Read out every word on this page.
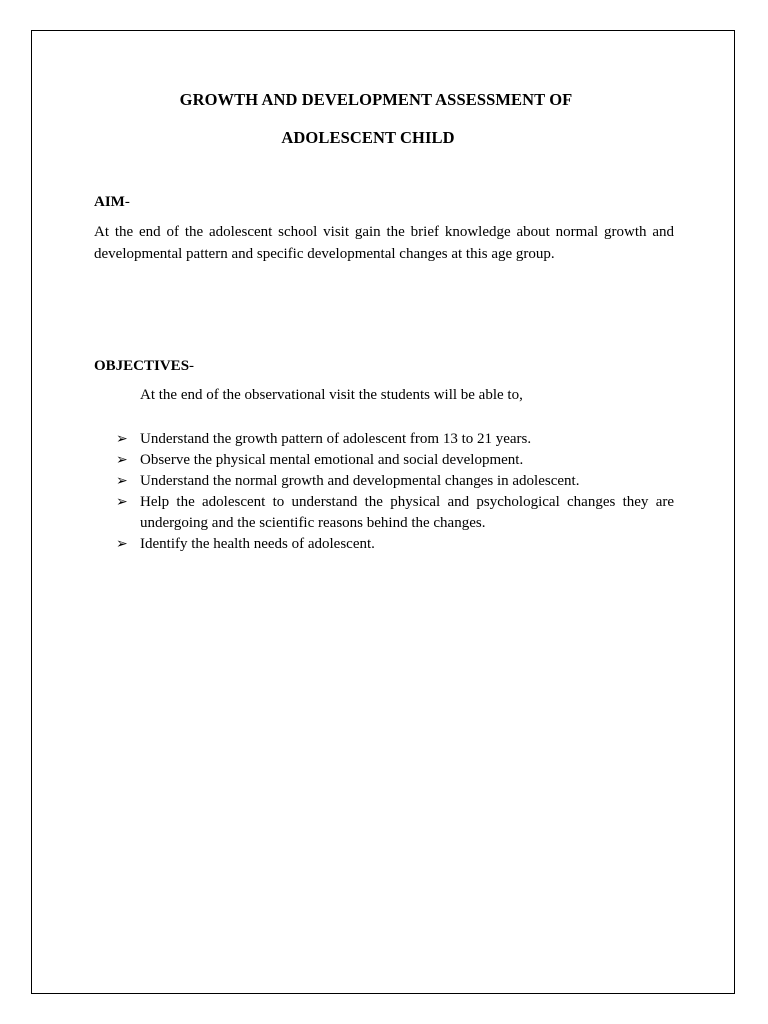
GROWTH AND DEVELOPMENT ASSESSMENT OF
ADOLESCENT CHILD
AIM-

At the end of the adolescent school visit gain the brief knowledge about normal growth and developmental pattern and specific developmental changes at this age group.

OBJECTIVES-
At the end of the observational visit the students will be able to,
➢ Understand the growth pattern of adolescent from 13 to 21 years.
➢ Observe the physical mental emotional and social development.
➢ Understand the normal growth and developmental changes in adolescent.
➢ Help the adolescent to understand the physical and psychological changes they are undergoing and the scientific reasons behind the changes.
➢ Identify the health needs of adolescent.
